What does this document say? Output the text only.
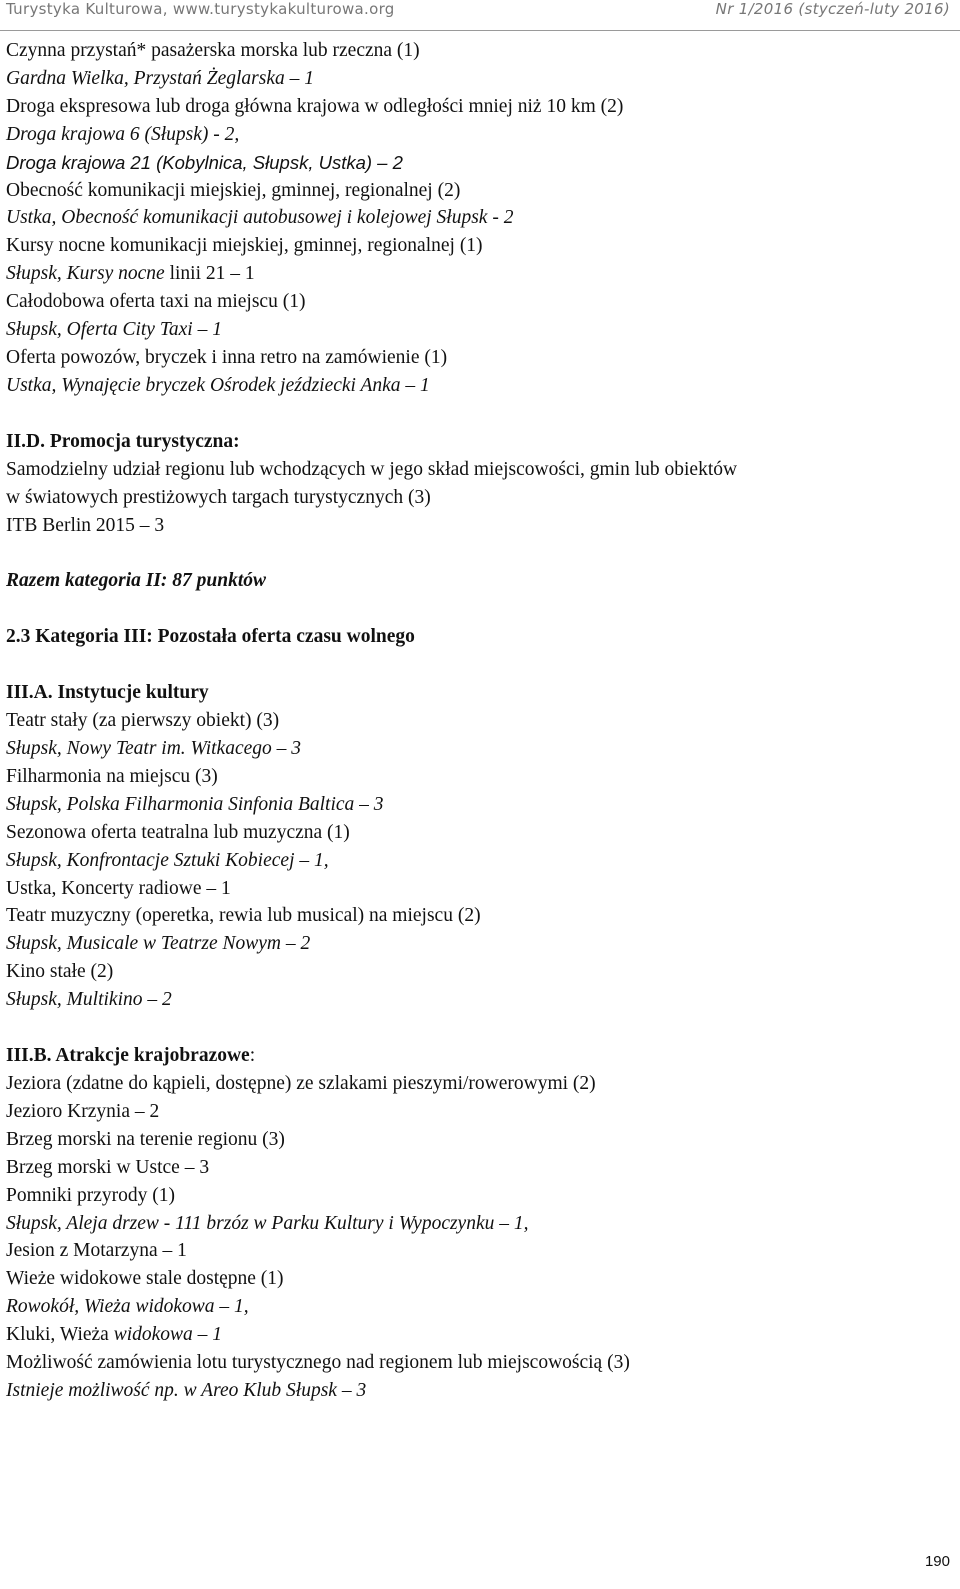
Turystyka Kulturowa, www.turystykakulturowa.org	Nr 1/2016 (styczeń-luty 2016)
Czynna przystań* pasażerska morska lub rzeczna (1)
Gardna Wielka, Przystań Żeglarska – 1
Droga ekspresowa lub droga główna krajowa w odległości mniej niż 10 km (2)
Droga krajowa 6 (Słupsk) - 2,
Droga krajowa 21 (Kobylnica, Słupsk, Ustka) – 2
Obecność komunikacji miejskiej, gminnej, regionalnej (2)
Ustka, Obecność komunikacji autobusowej i kolejowej Słupsk - 2
Kursy nocne komunikacji miejskiej, gminnej, regionalnej (1)
Słupsk, Kursy nocne linii 21 – 1
Całodobowa oferta taxi na miejscu (1)
Słupsk, Oferta City Taxi – 1
Oferta powozów, bryczek i inna retro na zamówienie (1)
Ustka, Wynajęcie bryczek Ośrodek jeździecki Anka – 1
II.D. Promocja turystyczna:
Samodzielny udział regionu lub wchodzących w jego skład miejscowości, gmin lub obiektów
w światowych prestiżowych targach turystycznych (3)
ITB Berlin 2015 – 3
Razem kategoria II: 87 punktów
2.3 Kategoria III: Pozostała oferta czasu wolnego
III.A. Instytucje kultury
Teatr stały (za pierwszy obiekt) (3)
Słupsk, Nowy Teatr im. Witkacego – 3
Filharmonia na miejscu (3)
Słupsk, Polska Filharmonia Sinfonia Baltica – 3
Sezonowa oferta teatralna lub muzyczna (1)
Słupsk, Konfrontacje Sztuki Kobiecej – 1,
Ustka, Koncerty radiowe – 1
Teatr muzyczny (operetka, rewia lub musical) na miejscu (2)
Słupsk, Musicale w Teatrze Nowym – 2
Kino stałe (2)
Słupsk, Multikino – 2
III.B. Atrakcje krajobrazowe:
Jeziora (zdatne do kąpieli, dostępne) ze szlakami pieszymi/rowerowymi (2)
Jezioro Krzynia – 2
Brzeg morski na terenie regionu (3)
Brzeg morski w Ustce – 3
Pomniki przyrody (1)
Słupsk, Aleja drzew - 111 brzóz w Parku Kultury i Wypoczynku – 1,
Jesion z Motarzyna – 1
Wieże widokowe stale dostępne (1)
Rowokół, Wieża widokowa – 1,
Kluki, Wieża widokowa – 1
Możliwość zamówienia lotu turystycznego nad regionem lub miejscowością (3)
Istnieje możliwość np. w Areo Klub Słupsk – 3
190
